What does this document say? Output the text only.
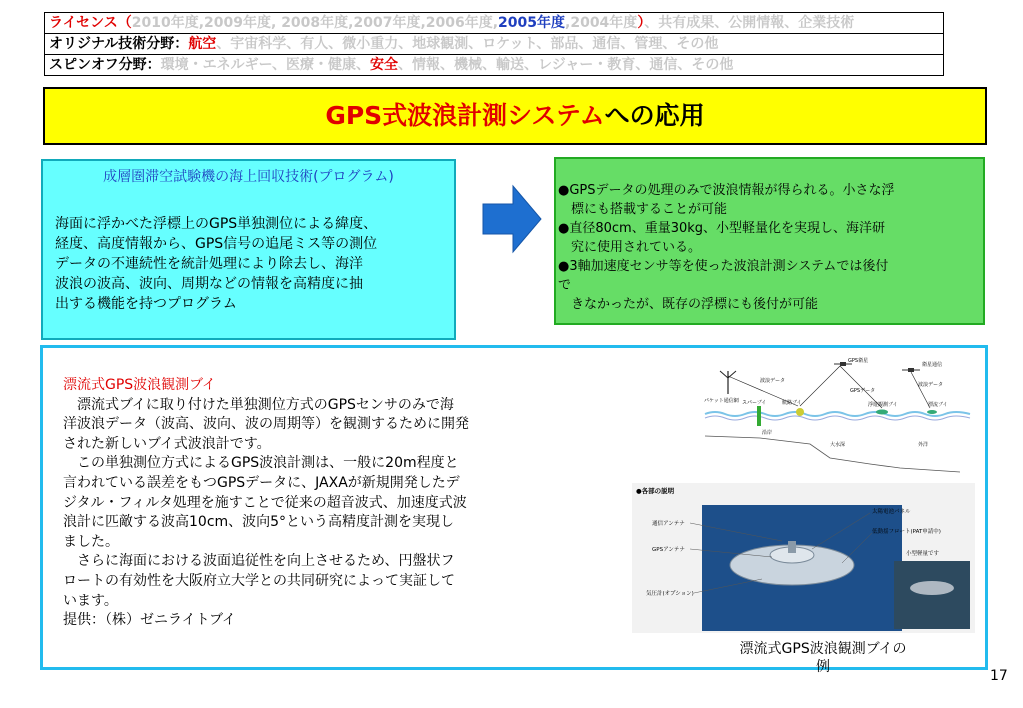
ライセンス（2010年度,2009年度, 2008年度,2007年度,2006年度,2005年度,2004年度）、共有成果、公開情報、企業技術
オリジナル技術分野：航空、宇宙科学、有人、微小重力、地球観測、ロケット、部品、通信、管理、その他
スピンオフ分野：環境・エネルギー、医療・健康、安全、情報、機械、輸送、レジャー・教育、通信、その他
GPS式波浪計測システムへの応用
成層圏滞空試験機の海上回収技術(プログラム)
海面に浮かべた浮標上のGPS単独測位による緯度、
経度、高度情報から、GPS信号の追尾ミス等の測位
データの不連続性を統計処理により除去し、海洋
波浪の波高、波向、周期などの情報を高精度に抽
出する機能を持つプログラム
●GPSデータの処理のみで波浪情報が得られる。小さな浮
　標にも搭載することが可能
●直径80cm、重量30kg、小型軽量化を実現し、海洋研
　究に使用されている。
●3軸加速度センサ等を使った波浪計測システムでは後付
で
　きなかったが、既存の浮標にも後付が可能
漂流式GPS波浪観測ブイ
　漂流式ブイに取り付けた単独測位方式のGPSセンサのみで海
洋波浪データ（波高、波向、波の周期等）を観測するために開発
された新しいブイ式波浪計です。
　この単独測位方式によるGPS波浪計測は、一般に20m程度と
言われている誤差をもつGPSデータに、JAXAが新規開発したデ
ジタル・フィルタ処理を施すことで従来の超音波式、加速度式波
浪計に匹敵する波高10cm、波向5°という高精度計測を実現し
ました。
　さらに海面における波面追従性を向上させるため、円盤状フ
ロートの有効性を大阪府立大学との共同研究によって実証して
います。
提供：（株）ゼニライトブイ
GPS衛星
衛星通信
波浪データ
GPSデータ
波浪データ
パケット通信網 スパーブイ	航路ブイ	浮遊観測ブイ	漂流ブイ
沿岸
大水深	外洋
●各部の説明
通信アンテナ
GPSアンテナ
気圧計(オプション)
太陽電池パネル
低動揺フロート(PAT申請中)
小型軽量です
漂流式GPS波浪観測ブイの
例
17
